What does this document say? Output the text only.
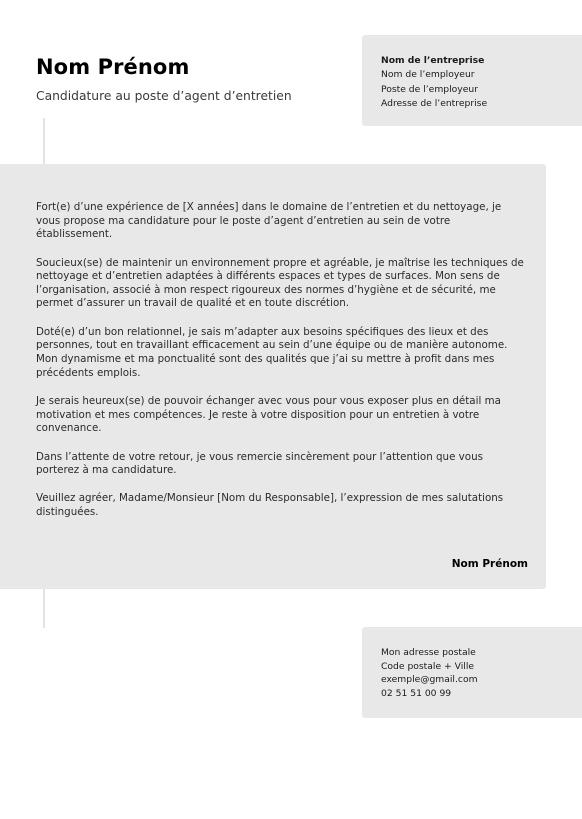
Nom Prénom

Candidature au poste d’agent d’entretien

Nom de l’entreprise
Nom de l’employeur
Poste de l’employeur
Adresse de l’entreprise

Fort(e) d’une expérience de [X années] dans le domaine de l’entretien et du nettoyage, je vous propose ma candidature pour le poste d’agent d’entretien au sein de votre établissement.

Soucieux(se) de maintenir un environnement propre et agréable, je maîtrise les techniques de nettoyage et d’entretien adaptées à différents espaces et types de surfaces. Mon sens de l’organisation, associé à mon respect rigoureux des normes d’hygiène et de sécurité, me permet d’assurer un travail de qualité et en toute discrétion.

Doté(e) d’un bon relationnel, je sais m’adapter aux besoins spécifiques des lieux et des personnes, tout en travaillant efficacement au sein d’une équipe ou de manière autonome. Mon dynamisme et ma ponctualité sont des qualités que j’ai su mettre à profit dans mes précédents emplois.

Je serais heureux(se) de pouvoir échanger avec vous pour vous exposer plus en détail ma motivation et mes compétences. Je reste à votre disposition pour un entretien à votre convenance.

Dans l’attente de votre retour, je vous remercie sincèrement pour l’attention que vous porterez à ma candidature.

Veuillez agréer, Madame/Monsieur [Nom du Responsable], l’expression de mes salutations distinguées.

Nom Prénom
Mon adresse postale
Code postale + Ville
exemple@gmail.com
02 51 51 00 99
